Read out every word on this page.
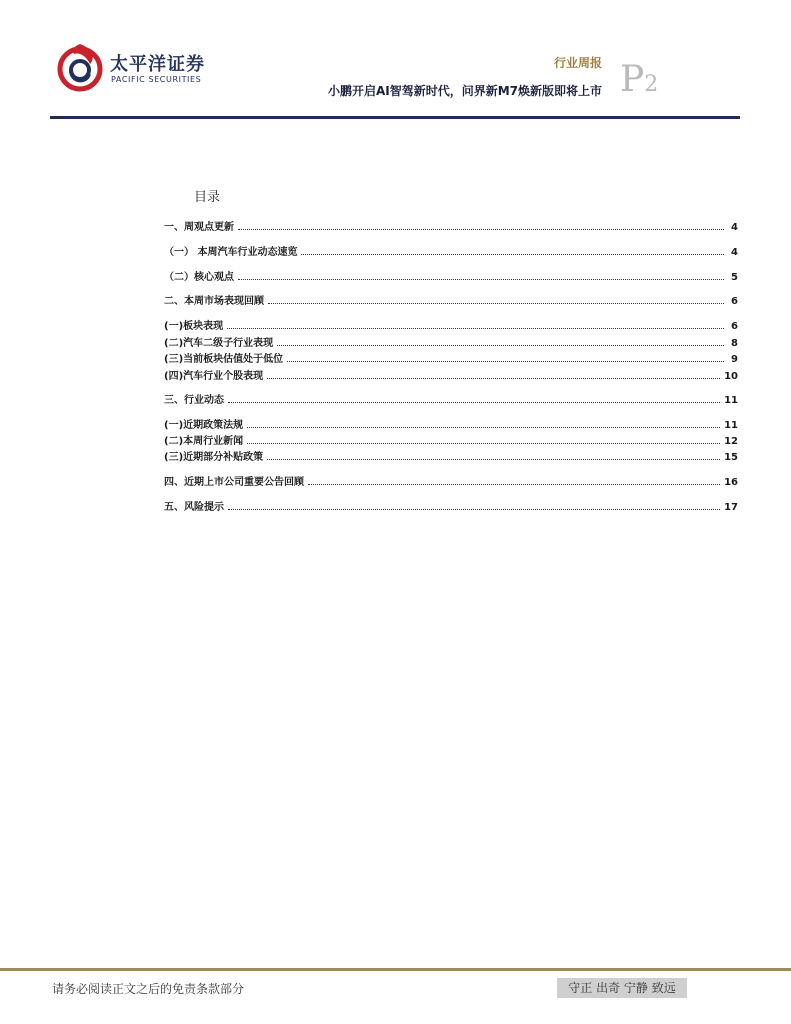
太平洋证券
PACIFIC SECURITIES
行业周报
小鹏开启AI智驾新时代，问界新M7焕新版即将上市 P2
目录
一、周观点更新	4
（一） 本周汽车行业动态速览	4
（二）核心观点	5
二、本周市场表现回顾	6
(一)板块表现	6
(二)汽车二级子行业表现	8
(三)当前板块估值处于低位	9
(四)汽车行业个股表现	10
三、行业动态	11
(一)近期政策法规	11
(二)本周行业新闻	12
(三)近期部分补贴政策	15
四、近期上市公司重要公告回顾	16
五、风险提示	17
请务必阅读正文之后的免责条款部分	守正 出奇 宁静 致远
